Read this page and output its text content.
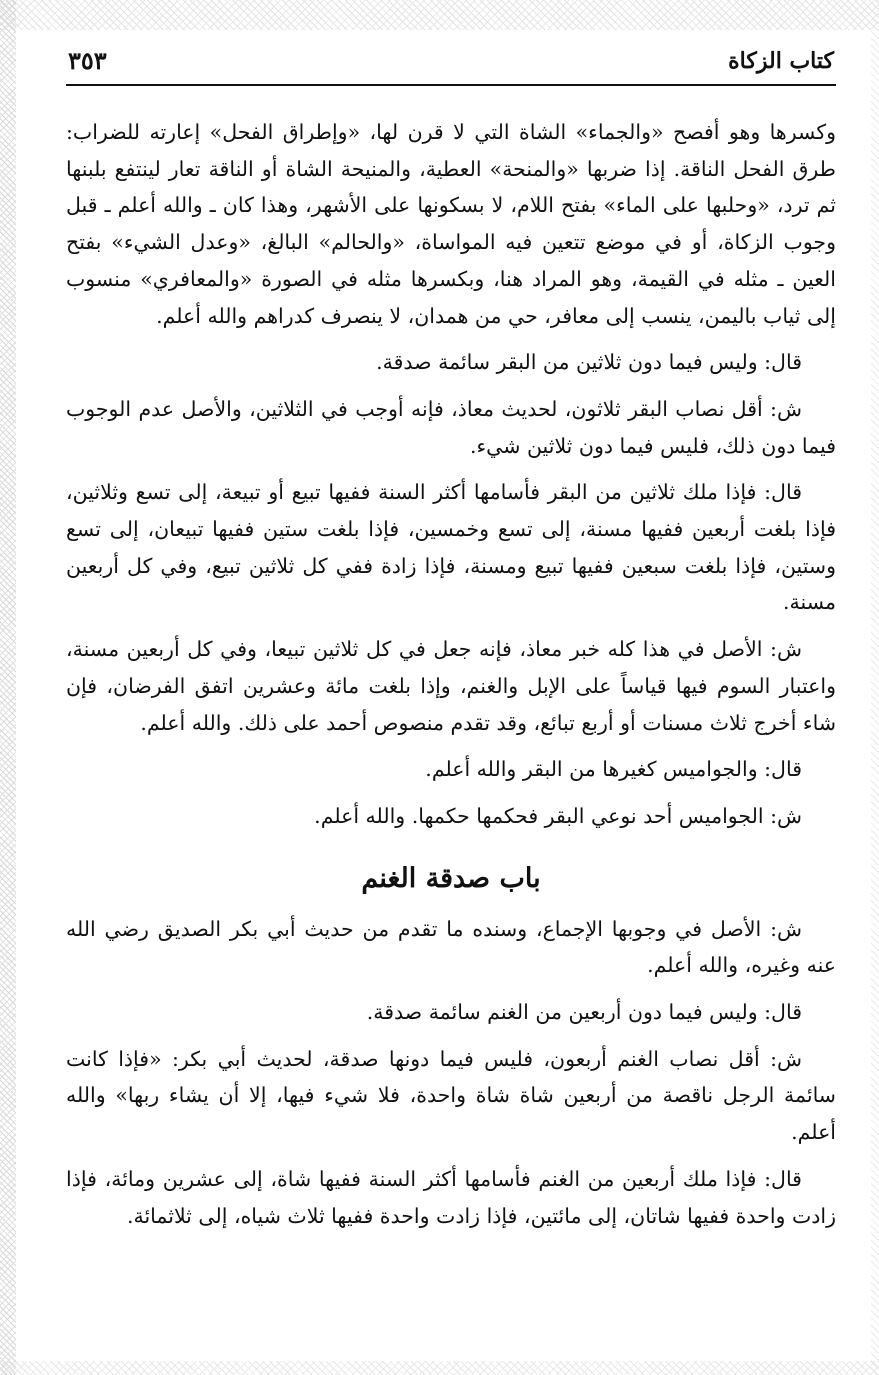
كتاب الزكاة
٣٥٣

وكسرها وهو أفصح «والجماء» الشاة التي لا قرن لها، «وإطراق الفحل» إعارته للضراب: طرق الفحل الناقة. إذا ضربها «والمنحة» العطية، والمنيحة الشاة أو الناقة تعار لينتفع بلبنها ثم ترد، «وحلبها على الماء» بفتح اللام، لا بسكونها على الأشهر، وهذا كان ـ والله أعلم ـ قبل وجوب الزكاة، أو في موضع تتعين فيه المواساة، «والحالم» البالغ، «وعدل الشيء» بفتح العين ـ مثله في القيمة، وهو المراد هنا، وبكسرها مثله في الصورة «والمعافري» منسوب إلى ثياب باليمن، ينسب إلى معافر، حي من همدان، لا ينصرف كدراهم والله أعلم.

قال: وليس فيما دون ثلاثين من البقر سائمة صدقة.

ش: أقل نصاب البقر ثلاثون، لحديث معاذ، فإنه أوجب في الثلاثين، والأصل عدم الوجوب فيما دون ذلك، فليس فيما دون ثلاثين شيء.

قال: فإذا ملك ثلاثين من البقر فأسامها أكثر السنة ففيها تبيع أو تبيعة، إلى تسع وثلاثين، فإذا بلغت أربعين ففيها مسنة، إلى تسع وخمسين، فإذا بلغت ستين ففيها تبيعان، إلى تسع وستين، فإذا بلغت سبعين ففيها تبيع ومسنة، فإذا زادة ففي كل ثلاثين تبيع، وفي كل أربعين مسنة.

ش: الأصل في هذا كله خبر معاذ، فإنه جعل في كل ثلاثين تبيعا، وفي كل أربعين مسنة، واعتبار السوم فيها قياساً على الإبل والغنم، وإذا بلغت مائة وعشرين اتفق الفرضان، فإن شاء أخرج ثلاث مسنات أو أربع تبائع، وقد تقدم منصوص أحمد على ذلك. والله أعلم.

قال: والجواميس كغيرها من البقر والله أعلم.

ش: الجواميس أحد نوعي البقر فحكمها حكمها. والله أعلم.

باب صدقة الغنم

ش: الأصل في وجوبها الإجماع، وسنده ما تقدم من حديث أبي بكر الصديق رضي الله عنه وغيره، والله أعلم.

قال: وليس فيما دون أربعين من الغنم سائمة صدقة.

ش: أقل نصاب الغنم أربعون، فليس فيما دونها صدقة، لحديث أبي بكر: «فإذا كانت سائمة الرجل ناقصة من أربعين شاة شاة واحدة، فلا شيء فيها، إلا أن يشاء ربها» والله أعلم.

قال: فإذا ملك أربعين من الغنم فأسامها أكثر السنة ففيها شاة، إلى عشرين ومائة، فإذا زادت واحدة ففيها شاتان، إلى مائتين، فإذا زادت واحدة ففيها ثلاث شياه، إلى ثلاثمائة.
